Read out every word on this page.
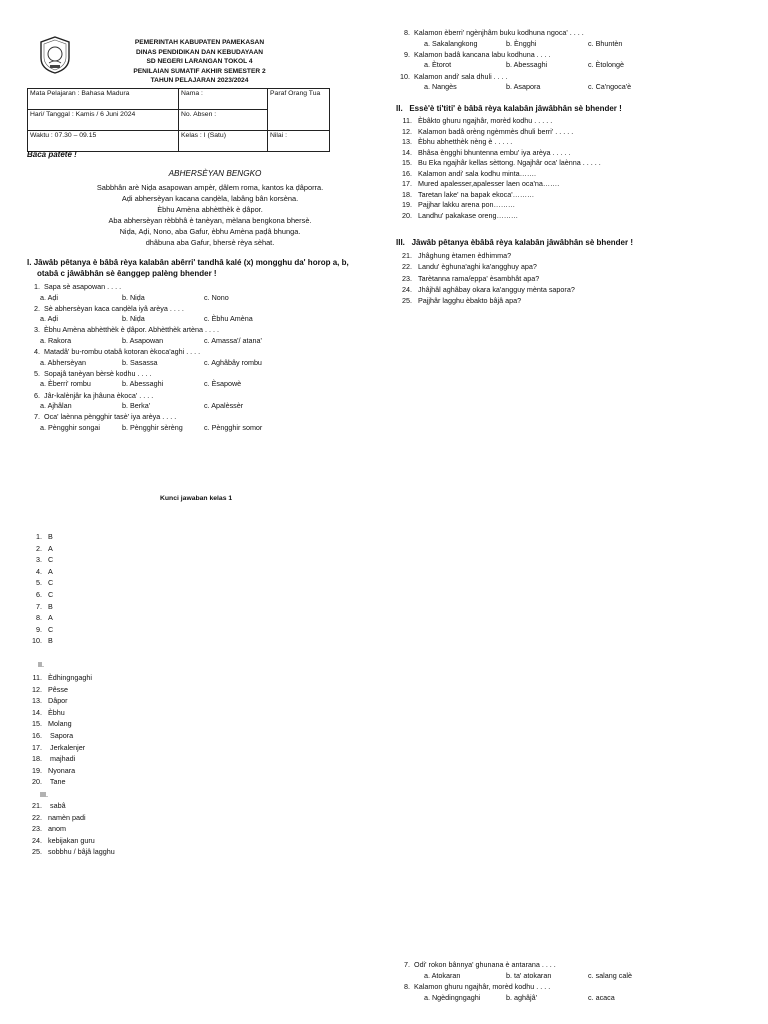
PEMERINTAH KABUPATEN PAMEKASAN
DINAS PENDIDIKAN DAN KEBUDAYAAN
SD NEGERI LARANGAN TOKOL 4
PENILAIAN SUMATIF AKHIR SEMESTER 2
TAHUN PELAJARAN 2023/2024
Mata Pelajaran : Bahasa Madura	Nama :	Paraf Orang Tua
Hari/ Tanggal : Kamis / 6 Juni 2024	No. Absen :	
Waktu : 07.30 – 09.15	Kelas : I (Satu)	Nilai :
Bâca patêtê !
ABHERSÈYAN BENGKO
Sabbhân arè Niḍa asapowan ampèr, ḍâlem roma, kantos ka ḍâporra.
Aḍi abhersèyan kacana canḍèla, labâng bân korsèna.
Èbhu Amèna abhètthèk è ḍâpor.
Aba abhersèyan rèbbhâ è tanèyan, mèlana bengkona bhersè.
Niḍa, Aḍi, Nono, aba Gafur, èbhu Amèna paḍâ bhunga.
dhâbuna aba Gafur, bhersè rèya sèhat.
I. Jâwâb pêtanya è bâbâ rèya kalabân abêrri' tandhâ kalé (x) mongghu da' horop a, b,
otabâ c jâwâbhân sè êanggep palèng bhender !
1. Sapa sè asapowan . . . .
a. Aḍi	b. Niḍa	c. Nono
2. Sè abhersèyan kaca canḍèla iyâ arèya . . . .
a. Aḍi	b. Niḍa	c. Èbhu Amèna
3. Èbhu Amèna abhètthèk è ḍâpor. Abhètthèk artèna . . . .
a. Rakora	b. Asapowan	c. Amassa'/ atana'
4. Matadâ' bu-rombu otabâ kotoran èkoca'aghi . . . .
a. Abhersèyan	b. Sasassa	c. Aghâbây rombu
5. Sopajâ tanèyan bèrsè kodhu . . . .
a. Èberri' rombu	b. Abessaghi	c. Èsapowè
6. Jâr-kalènjâr ka jhâuna èkoca' . . . .
a. Ajhâlan	b. Berka'	c. Apalèssèr
7. Oca' laènna pèngghir tasè' iya arèya . . . .
a. Pèngghir songai	b. Pèngghir sèrèng	c. Pèngghir somor
8. Kalamon èberri' ngènjhâm buku kodhuna ngoca' . . . .
a. Sakalangkong	b. Èngghi	c. Bhuntèn
9. Kalamon badâ kancana labu kodhuna . . . .
a. Ètorot	b. Abessaghi	c. Ètolongè
10. Kalamon andi' sala dhuli . . . .
a. Nangès	b. Asapora	c. Ca'ngoca'è
II. Essè'è ti'titi' è bâbâ rèya kalabân jâwâbhân sè bhender !
11. Èbâkto ghuru ngajhâr, morèd kodhu . . . . .
12. Kalamon badâ orèng ngèmmès dhuli berri' . . . . .
13. Èbhu abhetthèk nèng è . . . . .
14. Bhâsa èngghi bhuntenna embu' iya arèya . . . . .
15. Bu Eka ngajhâr kellas sèttong. Ngajhâr oca' laènna . . . . .
16. Kalamon andi' sala kodhu minta…….
17. Mured apalesser,apalesser laen oca'na…….
18. Taretan lake' na bapak ekoca'………
19. Pajjhar lakku arena pon………
20. Landhu' pakakase oreng………
III. Jâwâb pêtanya èbâbâ rèya kalabân jâwâbhân sè bhender !
21. Jhâghung ètamen èdhimma?
22. Landu' èghuna'aghi ka'angghuy apa?
23. Tarètanna rama/eppa' èsambhât apa?
24. Jhâjhâl aghâbay okara ka'angguy mènta sapora?
25. Pajjhâr lagghu èbakto bâjâ apa?
Kunci jawaban kelas 1
1. B
2. A
3. C
4. A
5. C
6. C
7. B
8. A
9. C
10. B
II.
11. Èdhingngaghi
12. Pêsse
13. Dâpor
14. Èbhu
15. Molang
16. Sapora
17. Jerkalenjer
18. majhadi
19. Nyonara
20. Tane
III.
21. sabâ
22. namèn padi
23. anom
24. kebijakan guru
25. sobbhu / bâjâ lagghu
7. Odi' rokon bânnya' ghunana è antarana . . . .
a. Atokaran	b. ta' atokaran	c. salang calè
8. Kalamon ghuru ngajhâr, morèd kodhu . . . .
a. Ngèdingngaghi	b. aghâjâ'	c. acaca
